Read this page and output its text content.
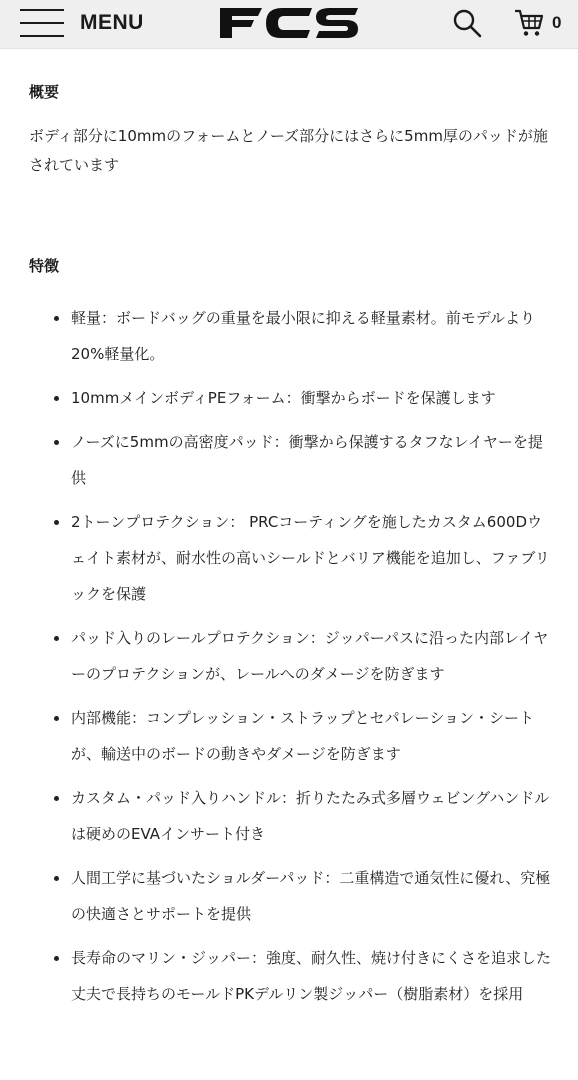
MENU	0
概要

ボディ部分に10mmのフォームとノーズ部分にはさらに5mm厚のパッドが施されています

特徴
軽量：ボードバッグの重量を最小限に抑える軽量素材。前モデルより20%軽量化。
10mmメインボディPEフォーム：衝撃からボードを保護します
ノーズに5mmの高密度パッド：衝撃から保護するタフなレイヤーを提供
2トーンプロテクション： PRCコーティングを施したカスタム600Dウェイト素材が、耐水性の高いシールドとバリア機能を追加し、ファブリックを保護
パッド入りのレールプロテクション：ジッパーパスに沿った内部レイヤーのプロテクションが、レールへのダメージを防ぎます
内部機能：コンプレッション・ストラップとセパレーション・シートが、輸送中のボードの動きやダメージを防ぎます
カスタム・パッド入りハンドル：折りたたみ式多層ウェビングハンドルは硬めのEVAインサート付き
人間工学に基づいたショルダーパッド：二重構造で通気性に優れ、究極の快適さとサポートを提供
長寿命のマリン・ジッパー：強度、耐久性、焼け付きにくさを追求した丈夫で長持ちのモールドPKデルリン製ジッパー（樹脂素材）を採用
